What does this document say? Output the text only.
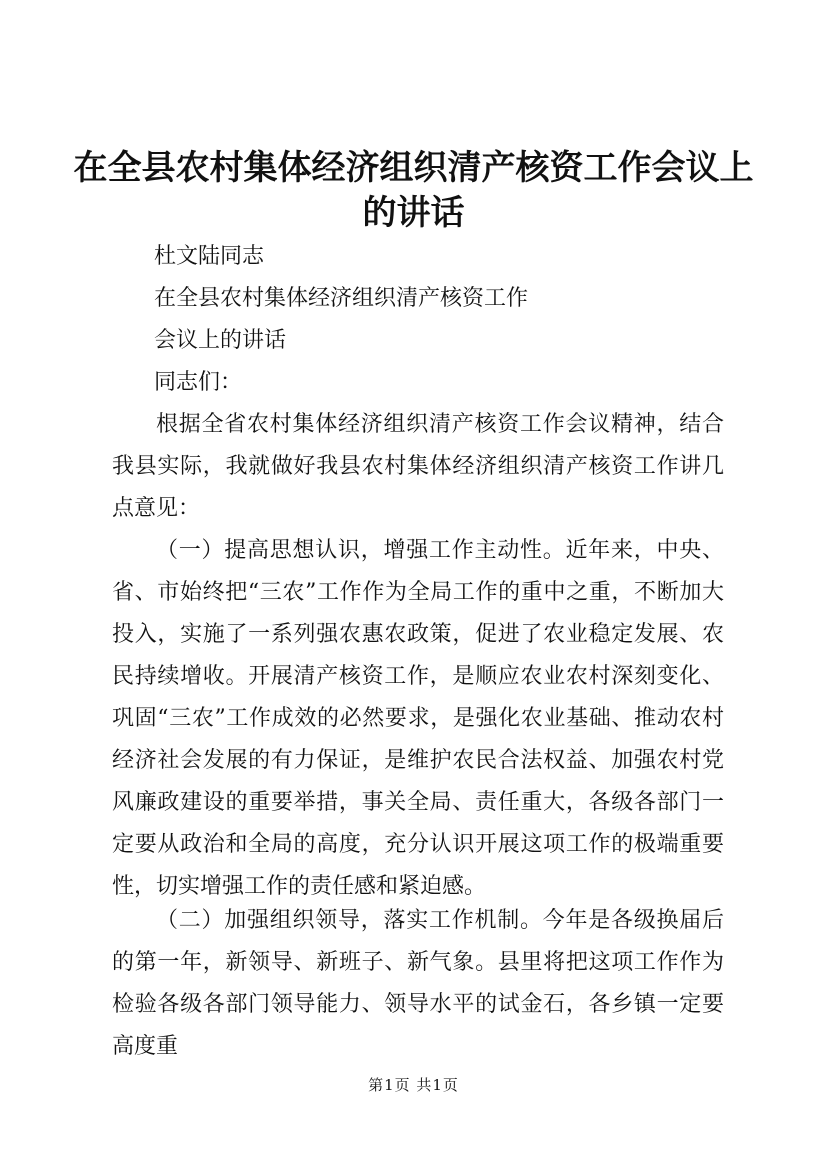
在全县农村集体经济组织清产核资工作会议上的讲话
杜文陆同志
在全县农村集体经济组织清产核资工作
会议上的讲话
同志们：
根据全省农村集体经济组织清产核资工作会议精神，结合我县实际，我就做好我县农村集体经济组织清产核资工作讲几点意见：
（一）提高思想认识，增强工作主动性。近年来，中央、省、市始终把“三农”工作作为全局工作的重中之重，不断加大投入，实施了一系列强农惠农政策，促进了农业稳定发展、农民持续增收。开展清产核资工作，是顺应农业农村深刻变化、巩固“三农”工作成效的必然要求，是强化农业基础、推动农村经济社会发展的有力保证，是维护农民合法权益、加强农村党风廉政建设的重要举措，事关全局、责任重大，各级各部门一定要从政治和全局的高度，充分认识开展这项工作的极端重要性，切实增强工作的责任感和紧迫感。
（二）加强组织领导，落实工作机制。今年是各级换届后的第一年，新领导、新班子、新气象。县里将把这项工作作为检验各级各部门领导能力、领导水平的试金石，各乡镇一定要高度重
第1页 共1页
